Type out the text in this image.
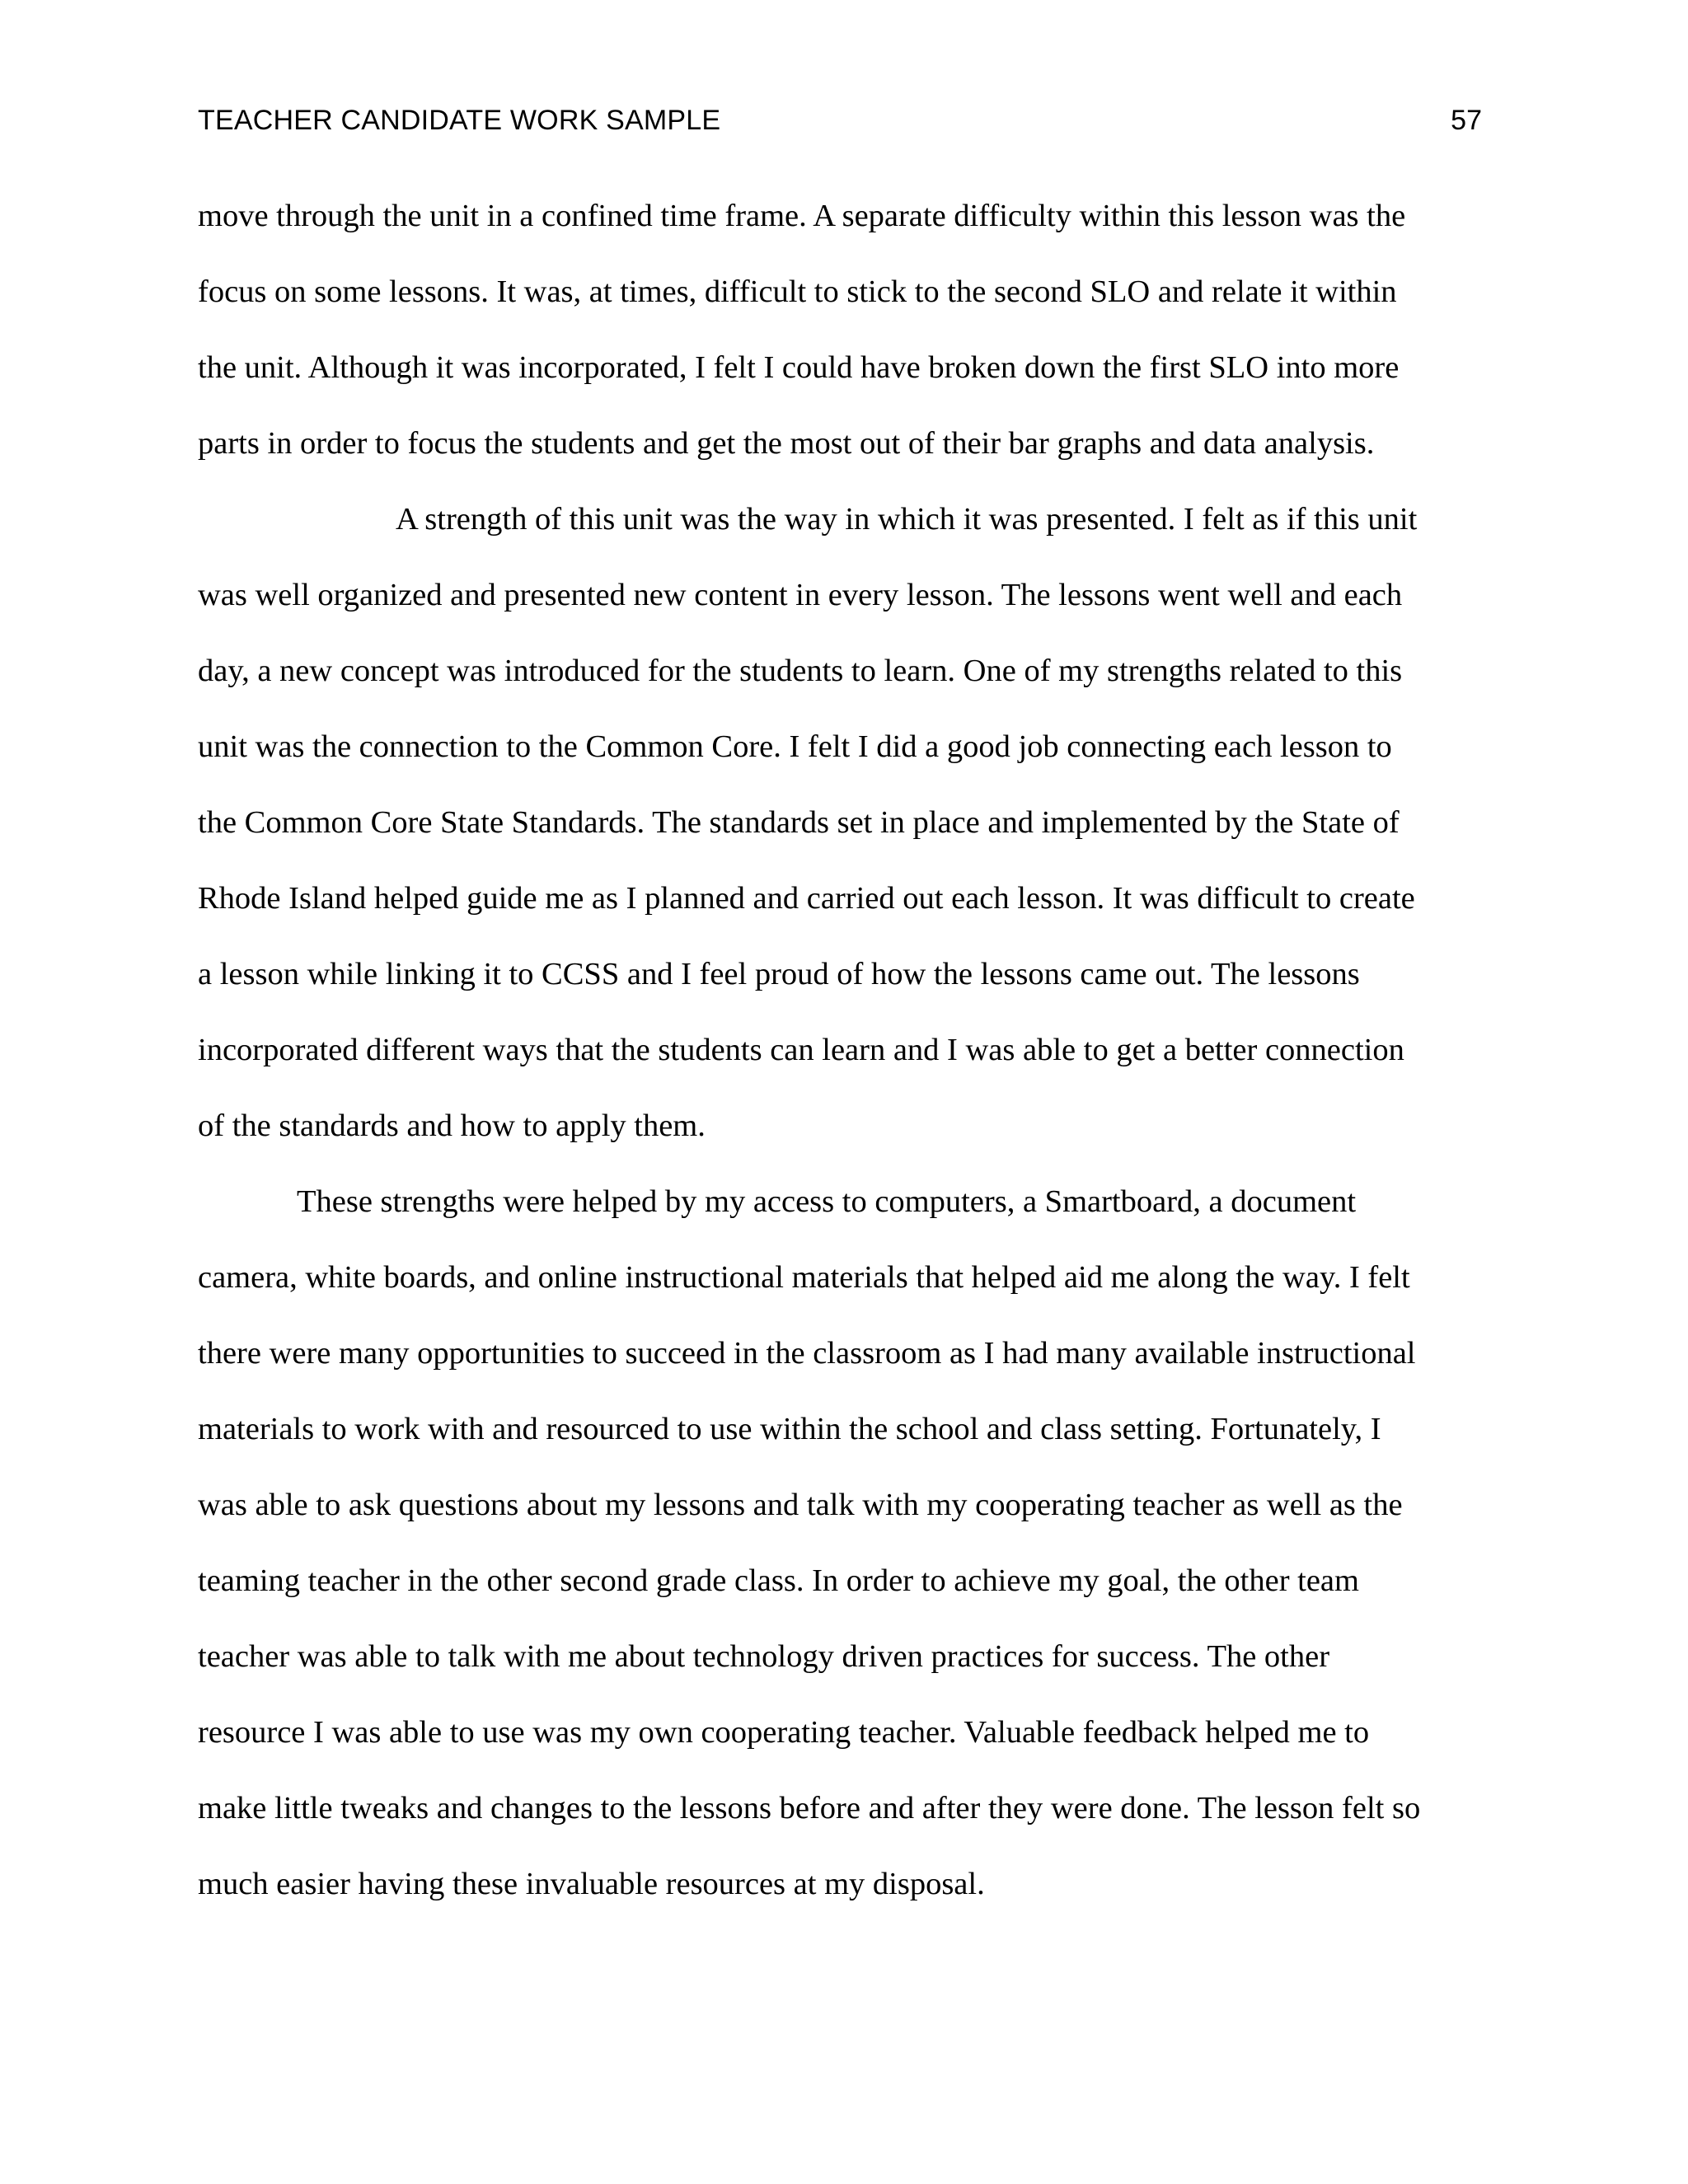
TEACHER CANDIDATE WORK SAMPLE	57
move through the unit in a confined time frame. A separate difficulty within this lesson was the
focus on some lessons. It was, at times, difficult to stick to the second SLO and relate it within
the unit. Although it was incorporated, I felt I could have broken down the first SLO into more
parts in order to focus the students and get the most out of their bar graphs and data analysis.
A strength of this unit was the way in which it was presented. I felt as if this unit
was well organized and presented new content in every lesson. The lessons went well and each
day, a new concept was introduced for the students to learn. One of my strengths related to this
unit was the connection to the Common Core. I felt I did a good job connecting each lesson to
the Common Core State Standards. The standards set in place and implemented by the State of
Rhode Island helped guide me as I planned and carried out each lesson. It was difficult to create
a lesson while linking it to CCSS and I feel proud of how the lessons came out. The lessons
incorporated different ways that the students can learn and I was able to get a better connection
of the standards and how to apply them.
These strengths were helped by my access to computers, a Smartboard, a document
camera, white boards, and online instructional materials that helped aid me along the way. I felt
there were many opportunities to succeed in the classroom as I had many available instructional
materials to work with and resourced to use within the school and class setting. Fortunately, I
was able to ask questions about my lessons and talk with my cooperating teacher as well as the
teaming teacher in the other second grade class. In order to achieve my goal, the other team
teacher was able to talk with me about technology driven practices for success. The other
resource I was able to use was my own cooperating teacher. Valuable feedback helped me to
make little tweaks and changes to the lessons before and after they were done. The lesson felt so
much easier having these invaluable resources at my disposal.
